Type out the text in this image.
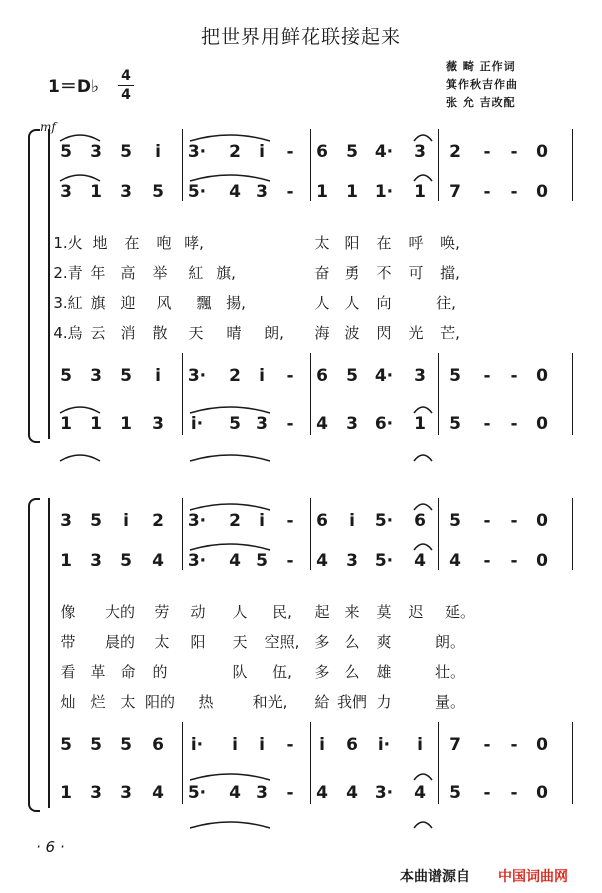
把世界用鲜花联接起来
薇 畸 正作词
箕作秋吉作曲
张 允 吉改配
1＝D♭
4
4
mf
5 3 5 i 3· 2 i - 6 5 4· 3 2 - - 0
3 1 3 5 5· 4 3 - 1 1 1· 1 7 - - 0
1.火 地 在 咆 哮,	太 阳 在 呼 唤,
2.青 年 高 举 紅 旗,	奋 勇 不 可 擋,
3.紅 旗 迎 风 飄 揚,	人 人 向	往,
4.烏 云 消 散 天 晴 朗, 海 波 閃 光 芒,
5 3 5 i 3· 2 i - 6 5 4· 3 5 - - 0
1 1 1 3 i· 5 3 - 4 3 6· 1 5 - - 0
3 5 i 2 3· 2 i - 6 i 5· 6 5 - - 0
1 3 5 4 3· 4 5 - 4 3 5· 4 4 - - 0
像 大的 劳 动 人 民, 起 来 莫 迟 延。
带 晨的 太 阳 天 空照, 多 么 爽	朗。
看 革 命 的	队 伍, 多 么 雄	壮。
灿 烂 太 阳的 热	和光, 給 我們 力	量。
5 5 5 6 i· i i - i 6 i· i 7 - - 0
1 3 3 4 5· 4 3 - 4 4 3· 4 5 - - 0
· 6 ·
本曲谱源自 中国词曲网
